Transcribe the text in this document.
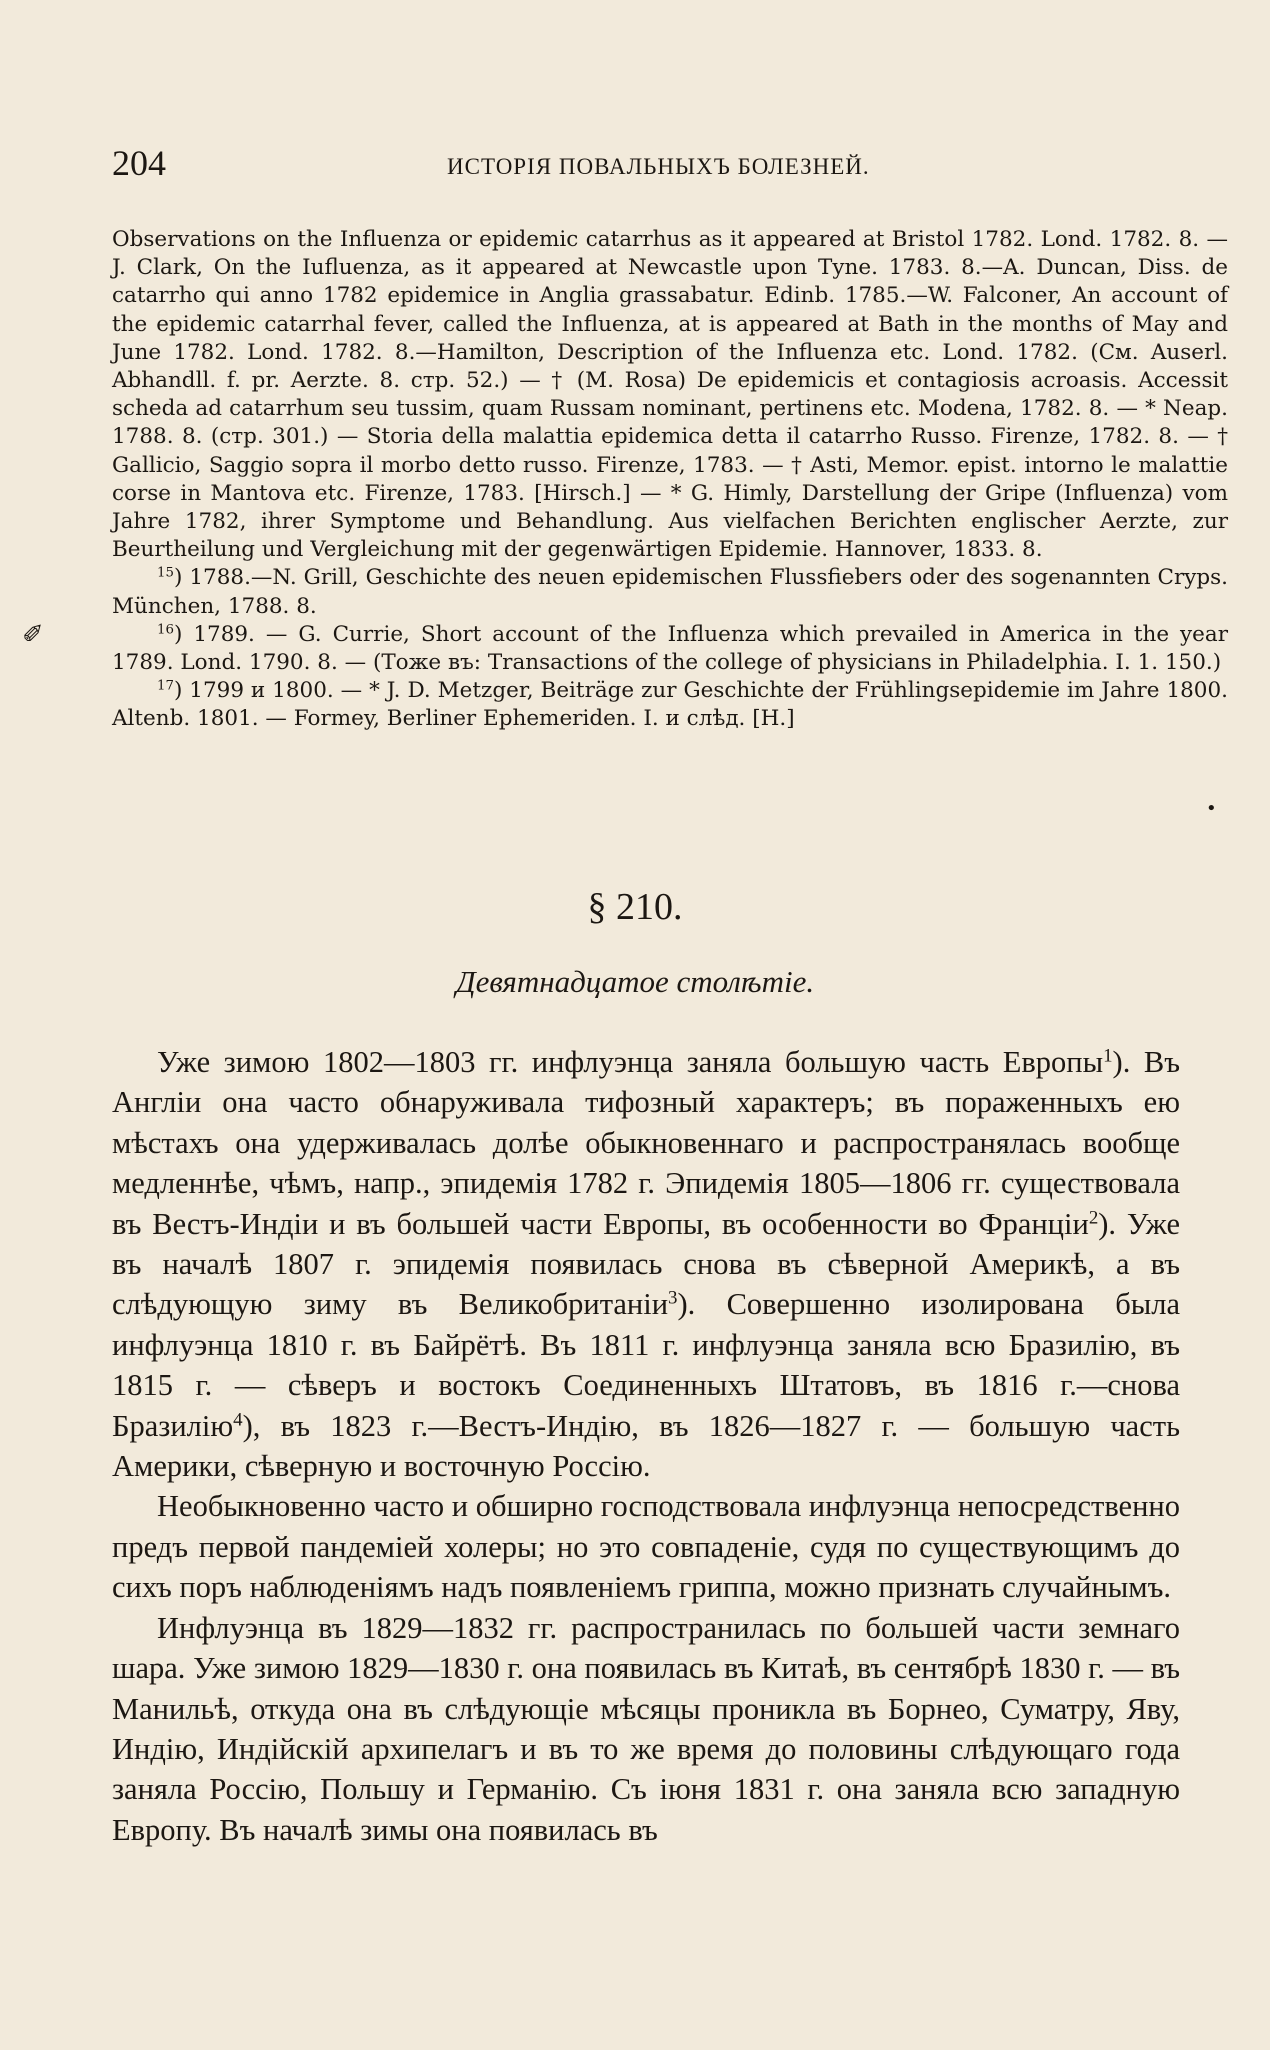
204	ИСТОРІЯ ПОВАЛЬНЫХЪ БОЛЕЗНЕЙ.

Observations on the Influenza or epidemic catarrhus as it appeared at Bristol 1782. Lond. 1782. 8. — J. Clark, On the Iufluenza, as it appeared at Newcastle upon Tyne. 1783. 8.—A. Duncan, Diss. de catarrho qui anno 1782 epidemice in Anglia grassabatur. Edinb. 1785.—W. Falconer, An account of the epidemic catarrhal fever, called the Influenza, at is appeared at Bath in the months of May and June 1782. Lond. 1782. 8.—Hamilton, Description of the Influenza etc. Lond. 1782. (См. Auserl. Abhandll. f. pr. Aerzte. 8. стр. 52.) — † (M. Rosa) De epidemicis et contagiosis acroasis. Accessit scheda ad catarrhum seu tussim, quam Russam nominant, pertinens etc. Modena, 1782. 8. — * Neap. 1788. 8. (стр. 301.) — Storia della malattia epidemica detta il catarrho Russo. Firenze, 1782. 8. — † Gallicio, Saggio sopra il morbo detto russo. Firenze, 1783. — † Asti, Memor. epist. intorno le malattie corse in Mantova etc. Firenze, 1783. [Hirsch.] — * G. Himly, Darstellung der Gripe (Influenza) vom Jahre 1782, ihrer Symptome und Behandlung. Aus vielfachen Berichten englischer Aerzte, zur Beurtheilung und Vergleichung mit der gegenwärtigen Epidemie. Hannover, 1833. 8.

$^{15}$) 1788.—N. Grill, Geschichte des neuen epidemischen Flussfiebers oder des sogenannten Cryps. München, 1788. 8.

$^{16}$) 1789. — G. Currie, Short account of the Influenza which prevailed in America in the year 1789. Lond. 1790. 8. — (Тоже въ: Transactions of the college of physicians in Philadelphia. I. 1. 150.)

$^{17}$) 1799 и 1800. — * J. D. Metzger, Beiträge zur Geschichte der Frühlingsepidemie im Jahre 1800. Altenb. 1801. — Formey, Berliner Ephemeriden. I. и слѣд. [H.]

§ 210.
Девятнадцатое столѣтіе.

Уже зимою 1802—1803 гг. инфлуэнца заняла большую часть Европы$^1$). Въ Англіи она часто обнаруживала тифозный характеръ; въ пораженныхъ ею мѣстахъ она удерживалась долѣе обыкновеннаго и распространялась вообще медленнѣе, чѣмъ, напр., эпидемія 1782 г. Эпидемія 1805—1806 гг. существовала въ Вестъ-Индіи и въ большей части Европы, въ особенности во Франціи$^2$). Уже въ началѣ 1807 г. эпидемія появилась снова въ сѣверной Америкѣ, а въ слѣдующую зиму въ Великобританіи$^3$). Совершенно изолирована была инфлуэнца 1810 г. въ Байрётѣ. Въ 1811 г. инфлуэнца заняла всю Бразилію, въ 1815 г. — сѣверъ и востокъ Соединенныхъ Штатовъ, въ 1816 г.—снова Бразилію$^4$), въ 1823 г.—Вестъ-Индію, въ 1826—1827 г. — большую часть Америки, сѣверную и восточную Россію.

Необыкновенно часто и обширно господствовала инфлуэнца непосредственно предъ первой пандеміей холеры; но это совпаденіе, судя по существующимъ до сихъ поръ наблюденіямъ надъ появленіемъ гриппа, можно признать случайнымъ.

Инфлуэнца въ 1829—1832 гг. распространилась по большей части земнаго шара. Уже зимою 1829—1830 г. она появилась въ Китаѣ, въ сентябрѣ 1830 г. — въ Манильѣ, откуда она въ слѣдующіе мѣсяцы проникла въ Борнео, Суматру, Яву, Индію, Индійскій архипелагъ и въ то же время до половины слѣдующаго года заняла Россію, Польшу и Германію. Съ іюня 1831 г. она заняла всю западную Европу. Въ началѣ зимы она появилась въ

✐
•
